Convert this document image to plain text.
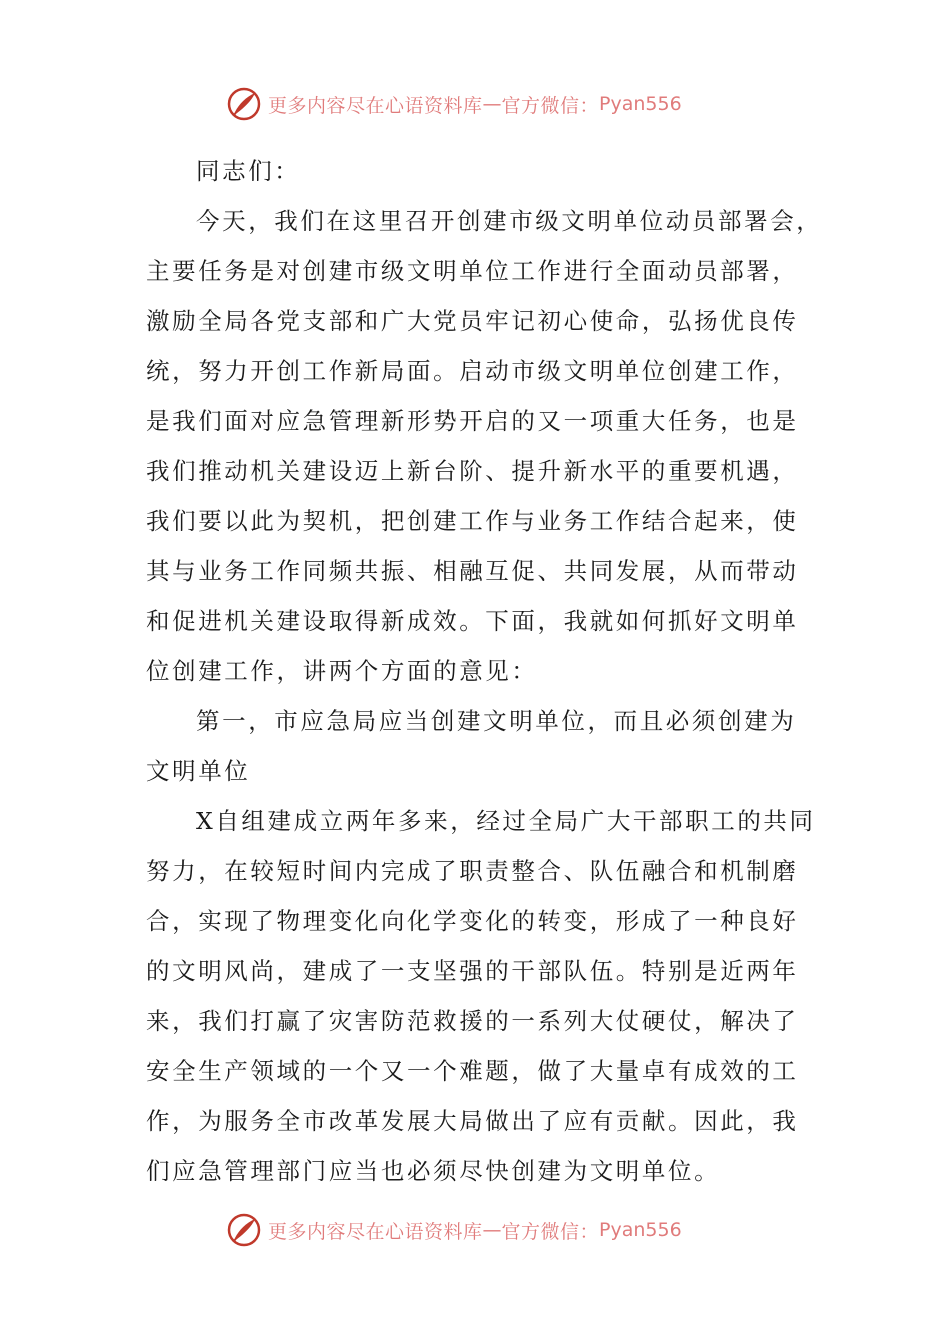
更多内容尽在心语资料库 — 官方微信： Pyan556
同志们：
今天，我们在这里召开创建市级文明单位动员部署会，
主要任务是对创建市级文明单位工作进行全面动员部署，
激励全局各党支部和广大党员牢记初心使命，弘扬优良传
统，努力开创工作新局面。启动市级文明单位创建工作，
是我们面对应急管理新形势开启的又一项重大任务，也是
我们推动机关建设迈上新台阶、提升新水平的重要机遇，
我们要以此为契机，把创建工作与业务工作结合起来，使
其与业务工作同频共振、相融互促、共同发展，从而带动
和促进机关建设取得新成效。下面，我就如何抓好文明单
位创建工作，讲两个方面的意见：
第一，市应急局应当创建文明单位，而且必须创建为
文明单位
X自组建成立两年多来，经过全局广大干部职工的共同
努力，在较短时间内完成了职责整合、队伍融合和机制磨
合，实现了物理变化向化学变化的转变，形成了一种良好
的文明风尚，建成了一支坚强的干部队伍。特别是近两年
来，我们打赢了灾害防范救援的一系列大仗硬仗，解决了
安全生产领域的一个又一个难题，做了大量卓有成效的工
作，为服务全市改革发展大局做出了应有贡献。因此，我
们应急管理部门应当也必须尽快创建为文明单位。
更多内容尽在心语资料库 — 官方微信： Pyan556
